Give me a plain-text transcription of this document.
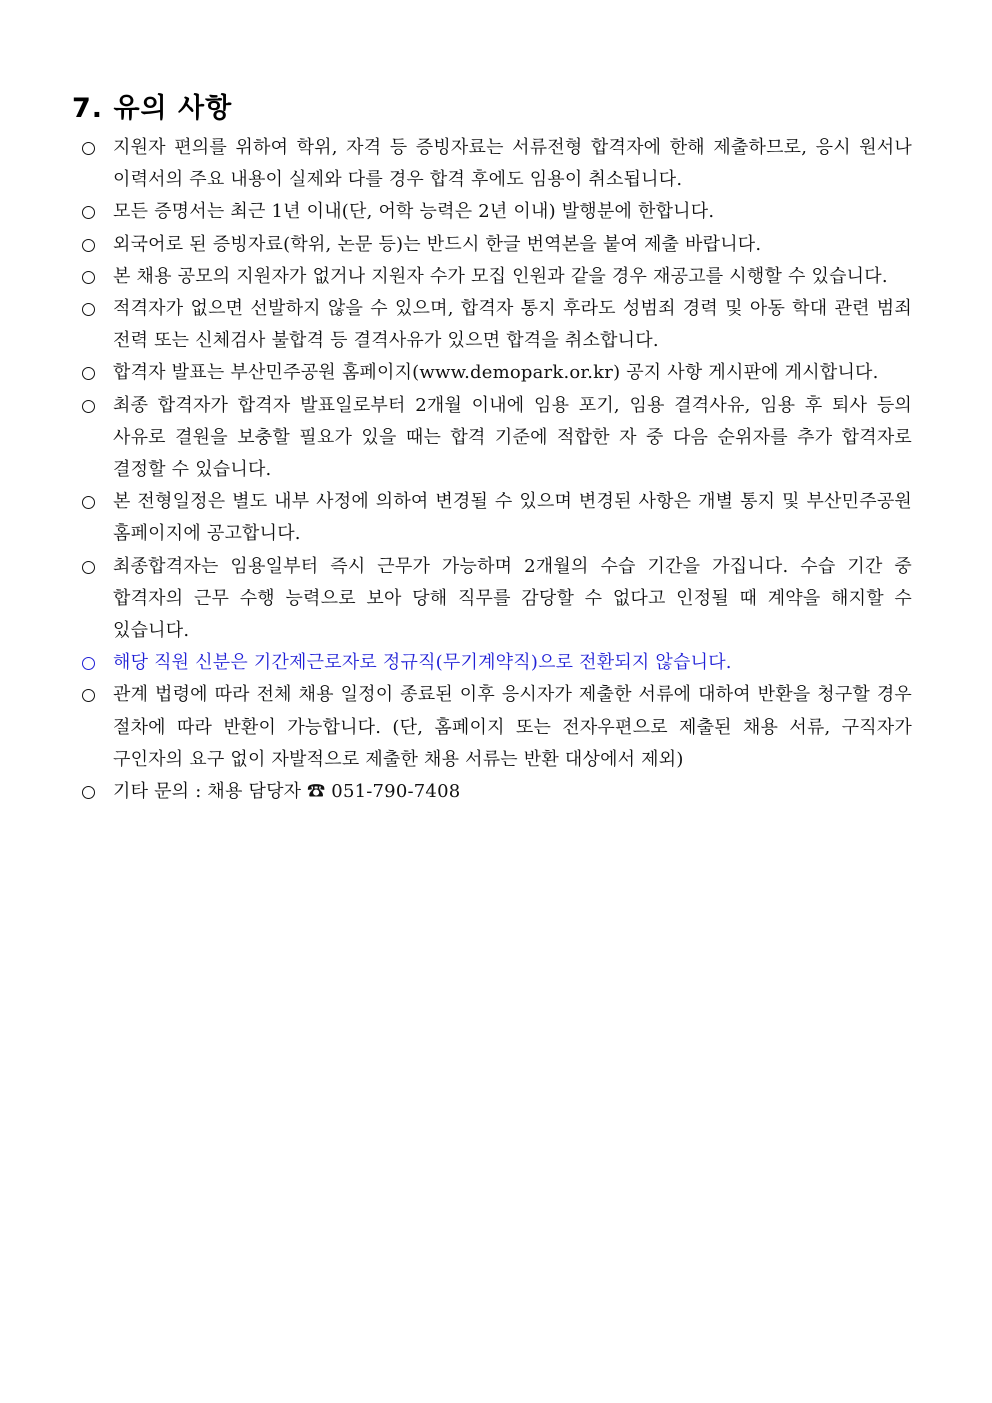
7. 유의 사항
지원자 편의를 위하여 학위, 자격 등 증빙자료는 서류전형 합격자에 한해 제출하므로, 응시 원서나 이력서의 주요 내용이 실제와 다를 경우 합격 후에도 임용이 취소됩니다.
모든 증명서는 최근 1년 이내(단, 어학 능력은 2년 이내) 발행분에 한합니다.
외국어로 된 증빙자료(학위, 논문 등)는 반드시 한글 번역본을 붙여 제출 바랍니다.
본 채용 공모의 지원자가 없거나 지원자 수가 모집 인원과 같을 경우 재공고를 시행할 수 있습니다.
적격자가 없으면 선발하지 않을 수 있으며, 합격자 통지 후라도 성범죄 경력 및 아동 학대 관련 범죄 전력 또는 신체검사 불합격 등 결격사유가 있으면 합격을 취소합니다.
합격자 발표는 부산민주공원 홈페이지(www.demopark.or.kr) 공지 사항 게시판에 게시합니다.
최종 합격자가 합격자 발표일로부터 2개월 이내에 임용 포기, 임용 결격사유, 임용 후 퇴사 등의 사유로 결원을 보충할 필요가 있을 때는 합격 기준에 적합한 자 중 다음 순위자를 추가 합격자로 결정할 수 있습니다.
본 전형일정은 별도 내부 사정에 의하여 변경될 수 있으며 변경된 사항은 개별 통지 및 부산민주공원 홈페이지에 공고합니다.
최종합격자는 임용일부터 즉시 근무가 가능하며 2개월의 수습 기간을 가집니다. 수습 기간 중 합격자의 근무 수행 능력으로 보아 당해 직무를 감당할 수 없다고 인정될 때 계약을 해지할 수 있습니다.
해당 직원 신분은 기간제근로자로 정규직(무기계약직)으로 전환되지 않습니다.
관계 법령에 따라 전체 채용 일정이 종료된 이후 응시자가 제출한 서류에 대하여 반환을 청구할 경우 절차에 따라 반환이 가능합니다. (단, 홈페이지 또는 전자우편으로 제출된 채용 서류, 구직자가 구인자의 요구 없이 자발적으로 제출한 채용 서류는 반환 대상에서 제외)
기타 문의 : 채용 담당자 ☎ 051-790-7408
